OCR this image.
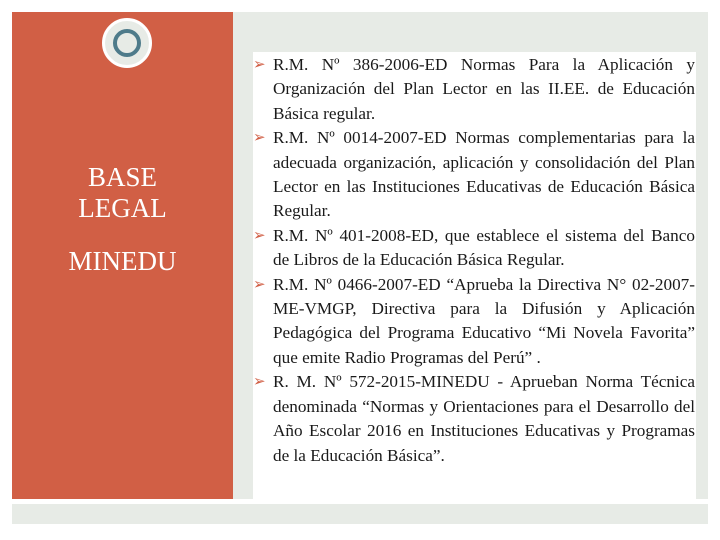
BASE
LEGAL
MINEDU
➢ R.M. Nº 386-2006-ED Normas Para la Aplicación y Organización del Plan Lector en las II.EE. de Educación Básica regular.
➢ R.M. Nº 0014-2007-ED Normas complementarias para la adecuada organización, aplicación y consolidación del Plan Lector en las Instituciones Educativas de Educación Básica Regular.
➢ R.M. Nº 401-2008-ED, que establece el sistema del Banco de Libros de la Educación Básica Regular.
➢ R.M. Nº 0466-2007-ED “Aprueba la Directiva N° 02-2007-ME-VMGP, Directiva para la Difusión y Aplicación Pedagógica del Programa Educativo “Mi Novela Favorita” que emite Radio Programas del Perú” .
➢ R. M. Nº 572-2015-MINEDU - Aprueban Norma Técnica denominada “Normas y Orientaciones para el Desarrollo del Año Escolar 2016 en Instituciones Educativas y Programas de la Educación Básica”.
